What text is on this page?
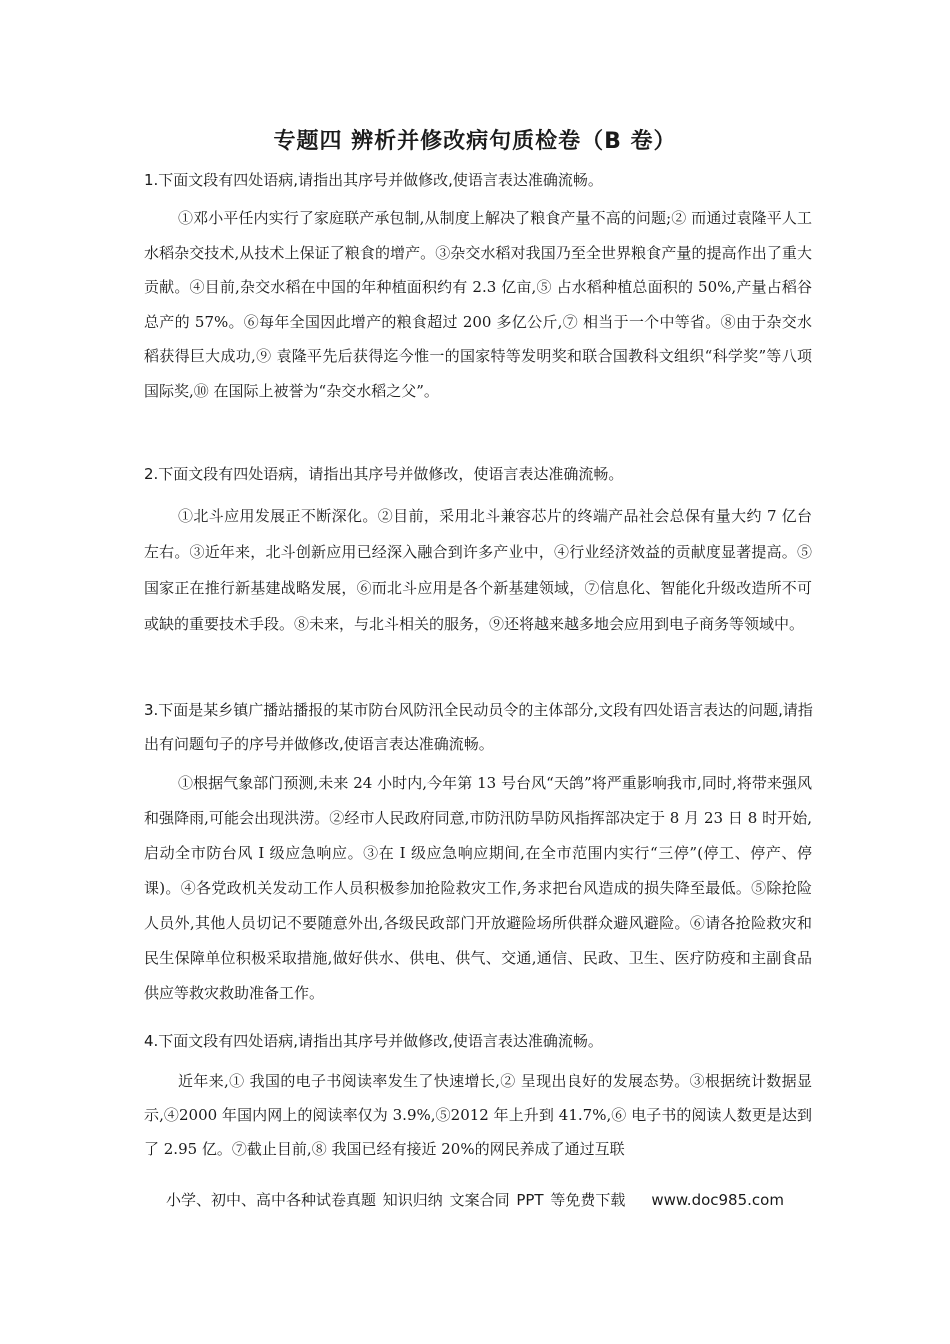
专题四 辨析并修改病句质检卷（B 卷）

1.下面文段有四处语病,请指出其序号并做修改,使语言表达准确流畅。

①邓小平任内实行了家庭联产承包制,从制度上解决了粮食产量不高的问题;② 而通过袁隆平人工水稻杂交技术,从技术上保证了粮食的增产。③杂交水稻对我国乃至全世界粮食产量的提高作出了重大贡献。④目前,杂交水稻在中国的年种植面积约有 2.3 亿亩,⑤ 占水稻种植总面积的 50%,产量占稻谷总产的 57%。⑥每年全国因此增产的粮食超过 200 多亿公斤,⑦ 相当于一个中等省。⑧由于杂交水稻获得巨大成功,⑨ 袁隆平先后获得迄今惟一的国家特等发明奖和联合国教科文组织“科学奖”等八项国际奖,⑩ 在国际上被誉为“杂交水稻之父”。

2.下面文段有四处语病，请指出其序号并做修改，使语言表达准确流畅。

①北斗应用发展正不断深化。②目前，采用北斗兼容芯片的终端产品社会总保有量大约 7 亿台左右。③近年来，北斗创新应用已经深入融合到许多产业中，④行业经济效益的贡献度显著提高。⑤国家正在推行新基建战略发展，⑥而北斗应用是各个新基建领域，⑦信息化、智能化升级改造所不可或缺的重要技术手段。⑧未来，与北斗相关的服务，⑨还将越来越多地会应用到电子商务等领域中。

3.下面是某乡镇广播站播报的某市防台风防汛全民动员令的主体部分,文段有四处语言表达的问题,请指出有问题句子的序号并做修改,使语言表达准确流畅。

①根据气象部门预测,未来 24 小时内,今年第 13 号台风“天鸽”将严重影响我市,同时,将带来强风和强降雨,可能会出现洪涝。②经市人民政府同意,市防汛防旱防风指挥部决定于 8 月 23 日 8 时开始,启动全市防台风 I 级应急响应。③在 I 级应急响应期间,在全市范围内实行“三停”(停工、停产、停课)。④各党政机关发动工作人员积极参加抢险救灾工作,务求把台风造成的损失降至最低。⑤除抢险人员外,其他人员切记不要随意外出,各级民政部门开放避险场所供群众避风避险。⑥请各抢险救灾和民生保障单位积极采取措施,做好供水、供电、供气、交通,通信、民政、卫生、医疗防疫和主副食品供应等救灾救助准备工作。

4.下面文段有四处语病,请指出其序号并做修改,使语言表达准确流畅。

近年来,① 我国的电子书阅读率发生了快速增长,② 呈现出良好的发展态势。③根据统计数据显示,④2000 年国内网上的阅读率仅为 3.9%,⑤2012 年上升到 41.7%,⑥ 电子书的阅读人数更是达到了 2.95 亿。⑦截止目前,⑧ 我国已经有接近 20%的网民养成了通过互联

小学、初中、高中各种试卷真题 知识归纳 文案合同 PPT 等免费下载 www.doc985.com
